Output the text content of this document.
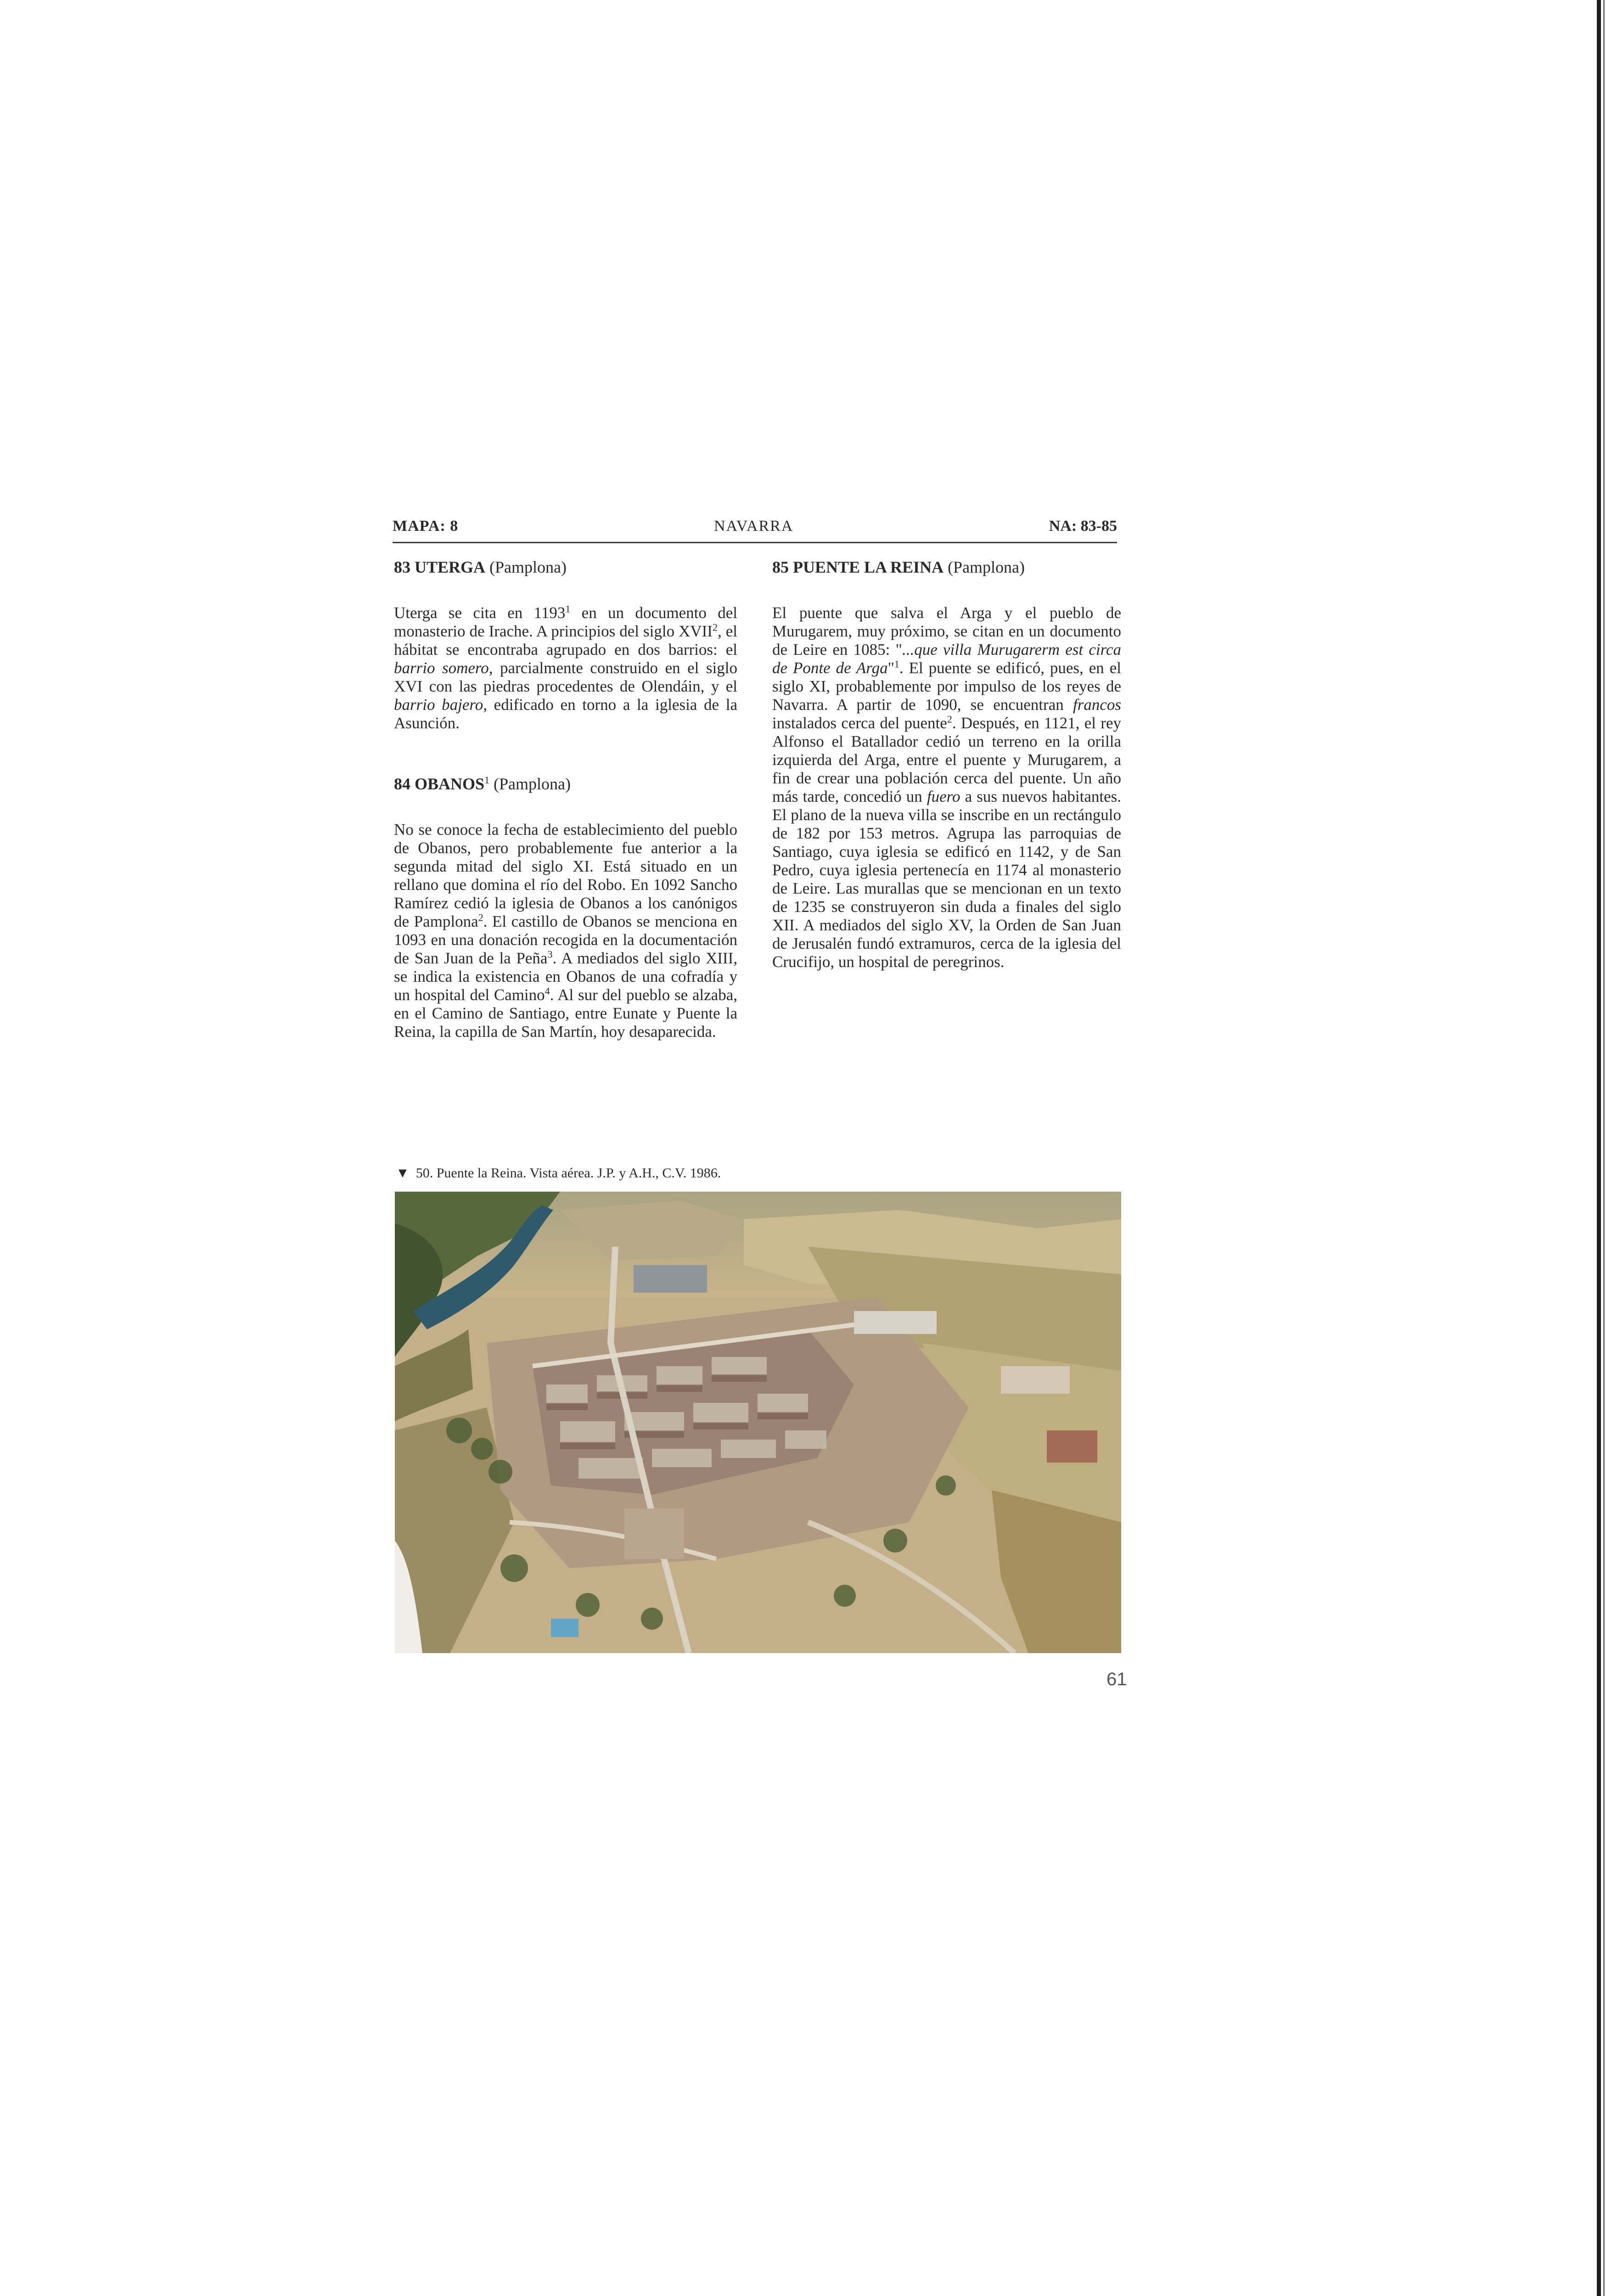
MAPA: 8	NAVARRA	NA: 83-85
83 UTERGA (Pamplona)

Uterga se cita en 1193$^1$ en un documento del monasterio de Irache. A principios del siglo XVII$^2$, el hábitat se encontraba agrupado en dos barrios: el barrio somero, parcialmente construido en el siglo XVI con las piedras procedentes de Olendáin, y el barrio bajero, edificado en torno a la iglesia de la Asunción.

84 OBANOS$^1$ (Pamplona)

No se conoce la fecha de establecimiento del pueblo de Obanos, pero probablemente fue anterior a la segunda mitad del siglo XI. Está situado en un rellano que domina el río del Robo. En 1092 Sancho Ramírez cedió la iglesia de Obanos a los canónigos de Pamplona$^2$. El castillo de Obanos se menciona en 1093 en una donación recogida en la documentación de San Juan de la Peña$^3$. A mediados del siglo XIII, se indica la existencia en Obanos de una cofradía y un hospital del Camino$^4$. Al sur del pueblo se alzaba, en el Camino de Santiago, entre Eunate y Puente la Reina, la capilla de San Martín, hoy desaparecida.

85 PUENTE LA REINA (Pamplona)

El puente que salva el Arga y el pueblo de Murugarem, muy próximo, se citan en un documento de Leire en 1085: "...que villa Murugarerm est circa de Ponte de Arga"$^1$. El puente se edificó, pues, en el siglo XI, probablemente por impulso de los reyes de Navarra. A partir de 1090, se encuentran francos instalados cerca del puente$^2$. Después, en 1121, el rey Alfonso el Batallador cedió un terreno en la orilla izquierda del Arga, entre el puente y Murugarem, a fin de crear una población cerca del puente. Un año más tarde, concedió un fuero a sus nuevos habitantes. El plano de la nueva villa se inscribe en un rectángulo de 182 por 153 metros. Agrupa las parroquias de Santiago, cuya iglesia se edificó en 1142, y de San Pedro, cuya iglesia pertenecía en 1174 al monasterio de Leire. Las murallas que se mencionan en un texto de 1235 se construyeron sin duda a finales del siglo XII. A mediados del siglo XV, la Orden de San Juan de Jerusalén fundó extramuros, cerca de la iglesia del Crucifijo, un hospital de peregrinos.

▼ 50. Puente la Reina. Vista aérea. J.P. y A.H., C.V. 1986.
61
